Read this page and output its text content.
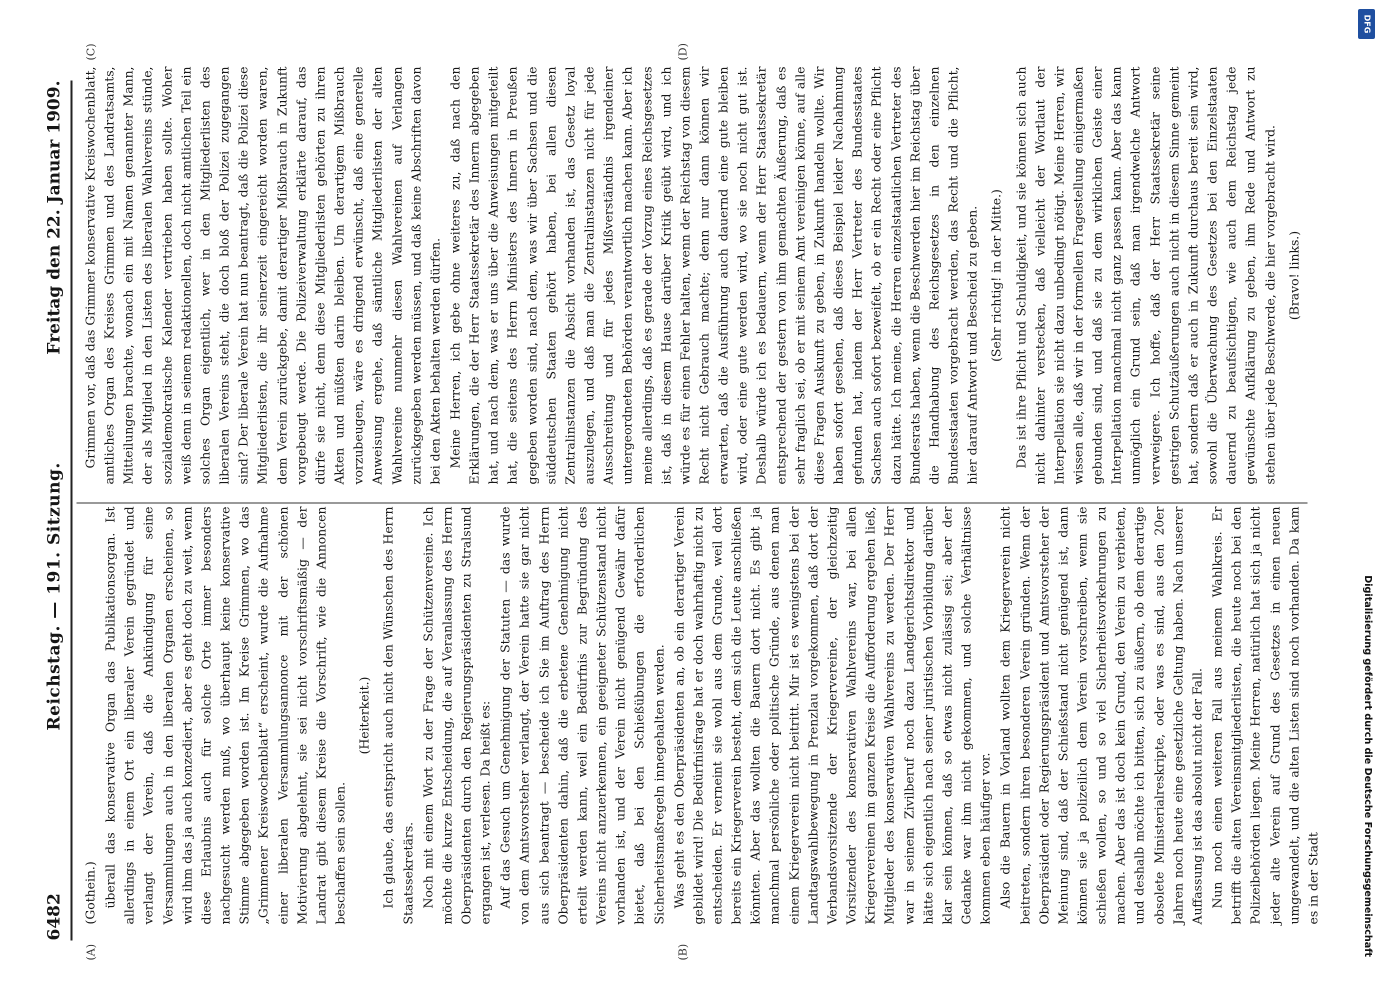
6482
Reichstag. — 191. Sitzung.
Freitag den 22. Januar 1909.
(A)	(B)
(C)	(D)

(Gothein.) überall das konservative Organ das Publikationsorgan. Ist allerdings in einem Ort ein liberaler Verein gegründet und verlangt der Verein, daß die Ankündigung für seine Versammlungen auch in den liberalen Organen erscheinen, so wird ihm das ja auch konzediert, aber es geht doch zu weit, wenn diese Erlaubnis auch für solche Orte immer besonders nachgesucht werden muß, wo überhaupt keine konservative Stimme abgegeben worden ist. Im Kreise Grimmen, wo das „Grimmener Kreiswochenblatt“ erscheint, wurde die Aufnahme einer liberalen Versammlungsannonce mit der schönen Motivierung abgelehnt, sie sei nicht vorschriftsmäßig — der Landrat gibt diesem Kreise die Vorschrift, wie die Annoncen beschaffen sein sollen.

(Heiterkeit.) Ich glaube, das entspricht auch nicht den Wünschen des Herrn Staatssekretärs. Noch mit einem Wort zu der Frage der Schützenvereine. Ich möchte die kurze Entscheidung, die auf Veranlassung des Herrn Oberpräsidenten durch den Regierungspräsidenten zu Stralsund ergangen ist, verlesen. Da heißt es: Auf das Gesuch um Genehmigung der Statuten — das wurde von dem Amtsvorsteher verlangt, der Verein hatte sie gar nicht aus sich beantragt — bescheide ich Sie im Auftrag des Herrn Oberpräsidenten dahin, daß die erbetene Genehmigung nicht erteilt werden kann, weil ein Bedürfnis zur Begründung des Vereins nicht anzuerkennen, ein geeigneter Schützenstand nicht vorhanden ist, und der Verein nicht genügend Gewähr dafür bietet, daß bei den Schießübungen die erforderlichen Sicherheitsmaßregeln innegehalten werden. Was geht es den Oberpräsidenten an, ob ein derartiger Verein gebildet wird! Die Bedürfnisfrage hat er doch wahrhaftig nicht zu entscheiden. Er verneint sie wohl aus dem Grunde, weil dort bereits ein Kriegerverein besteht, dem sich die Leute anschließen könnten. Aber das wollten die Bauern dort nicht. Es gibt ja manchmal persönliche oder politische Gründe, aus denen man einem Kriegerverein nicht beitritt. Mir ist es wenigstens bei der Landtagswahlbewegung in Prenzlau vorgekommen, daß dort der Verbandsvorsitzende der Kriegervereine, der gleichzeitig Vorsitzender des konservativen Wahlvereins war, bei allen Kriegervereinen im ganzen Kreise die Aufforderung ergehen ließ, Mitglieder des konservativen Wahlvereins zu werden. Der Herr war in seinem Zivilberuf noch dazu Landgerichtsdirektor und hätte sich eigentlich nach seiner juristischen Vorbildung darüber klar sein können, daß so etwas nicht zulässig sei; aber der Gedanke war ihm nicht gekommen, und solche Verhältnisse kommen eben häufiger vor. Also die Bauern in Vorland wollten dem Kriegerverein nicht beitreten, sondern ihren besonderen Verein gründen. Wenn der Oberpräsident oder Regierungspräsident und Amtsvorsteher der Meinung sind, daß der Schießstand nicht genügend ist, dann können sie ja polizeilich dem Verein vorschreiben, wenn sie schießen wollen, so und so viel Sicherheitsvorkehrungen zu machen. Aber das ist doch kein Grund, den Verein zu verbieten, und deshalb möchte ich bitten, sich zu äußern, ob dem derartige obsolete Ministerialreskripte, oder was es sind, aus den 20er Jahren noch heute eine gesetzliche Geltung haben. Nach unserer Auffassung ist das absolut nicht der Fall. Nun noch einen weiteren Fall aus meinem Wahlkreis. Er betrifft die alten Vereinsmitgliederlisten, die heute noch bei den Polizeibehörden liegen. Meine Herren, natürlich hat sich ja nicht jeder alte Verein auf Grund des Gesetzes in einen neuen umgewandelt, und die alten Listen sind noch vorhanden. Da kam es in der Stadt

Grimmen vor, daß das Grimmer konservative Kreiswochenblatt, amtliches Organ des Kreises Grimmen und des Landratsamts, Mitteilungen brachte, wonach ein mit Namen genannter Mann, der als Mitglied in den Listen des liberalen Wahlvereins stünde, sozialdemokratische Kalender vertrieben haben sollte. Woher weiß denn in seinem redaktionellen, doch nicht amtlichen Teil ein solches Organ eigentlich, wer in den Mitgliederlisten des liberalen Vereins steht, die doch bloß der Polizei zugegangen sind? Der liberale Verein hat nun beantragt, daß die Polizei diese Mitgliederlisten, die ihr seinerzeit eingereicht worden waren, dem Verein zurückgebe, damit derartiger Mißbrauch in Zukunft vorgebeugt werde. Die Polizeiverwaltung erklärte darauf, das dürfe sie nicht, denn diese Mitgliederlisten gehörten zu ihren Akten und müßten darin bleiben. Um derartigem Mißbrauch vorzubeugen, wäre es dringend erwünscht, daß eine generelle Anweisung ergehe, daß sämtliche Mitgliederlisten der alten Wahlvereine nunmehr diesen Wahlvereinen auf Verlangen zurückgegeben werden müssen, und daß keine Abschriften davon bei den Akten behalten werden dürfen. Meine Herren, ich gebe ohne weiteres zu, daß nach den Erklärungen, die der Herr Staatssekretär des Innern abgegeben hat, und nach dem, was er uns über die Anweisungen mitgeteilt hat, die seitens des Herrn Ministers des Innern in Preußen gegeben worden sind, nach dem, was wir über Sachsen und die süddeutschen Staaten gehört haben, bei allen diesen Zentralinstanzen die Absicht vorhanden ist, das Gesetz loyal auszulegen, und daß man die Zentralinstanzen nicht für jede Ausschreitung und für jedes Mißverständnis irgendeiner untergeordneten Behörden verantwortlich machen kann. Aber ich meine allerdings, daß es gerade der Vorzug eines Reichsgesetzes ist, daß in diesem Hause darüber Kritik geübt wird, und ich würde es für einen Fehler halten, wenn der Reichstag von diesem Recht nicht Gebrauch machte; denn nur dann können wir erwarten, daß die Ausführung auch dauernd eine gute bleiben wird, oder eine gute werden wird, wo sie noch nicht gut ist. Deshalb würde ich es bedauern, wenn der Herr Staatssekretär entsprechend der gestern von ihm gemachten Äußerung, daß es sehr fraglich sei, ob er mit seinem Amt vereinigen könne, auf alle diese Fragen Auskunft zu geben, in Zukunft handeln wollte. Wir haben sofort gesehen, daß dieses Beispiel leider Nachahmung gefunden hat, indem der Herr Vertreter des Bundesstaates Sachsen auch sofort bezweifelt, ob er ein Recht oder eine Pflicht dazu hätte. Ich meine, die Herren einzelstaatlichen Vertreter des Bundesrats haben, wenn die Beschwerden hier im Reichstag über die Handhabung des Reichsgesetzes in den einzelnen Bundesstaaten vorgebracht werden, das Recht und die Pflicht, hier darauf Antwort und Bescheid zu geben. (Sehr richtig! in der Mitte.) Das ist ihre Pflicht und Schuldigkeit, und sie können sich auch nicht dahinter verstecken, daß vielleicht der Wortlaut der Interpellation sie nicht dazu unbedingt nötigt. Meine Herren, wir wissen alle, daß wir in der formellen Fragestellung einigermaßen gebunden sind, und daß sie zu dem wirklichen Geiste einer Interpellation manchmal nicht ganz passen kann. Aber das kann unmöglich ein Grund sein, daß man irgendwelche Antwort verweigere. Ich hoffe, daß der Herr Staatssekretär seine gestrigen Schutzäußerungen auch nicht in diesem Sinne gemeint hat, sondern daß er auch in Zukunft durchaus bereit sein wird, sowohl die Überwachung des Gesetzes bei den Einzelstaaten dauernd zu beaufsichtigen, wie auch dem Reichstag jede gewünschte Aufklärung zu geben, ihm Rede und Antwort zu stehen über jede Beschwerde, die hier vorgebracht wird. (Bravo! links.)

DFG
Digitalisierung gefördert durch die Deutsche Forschungsgemeinschaft
